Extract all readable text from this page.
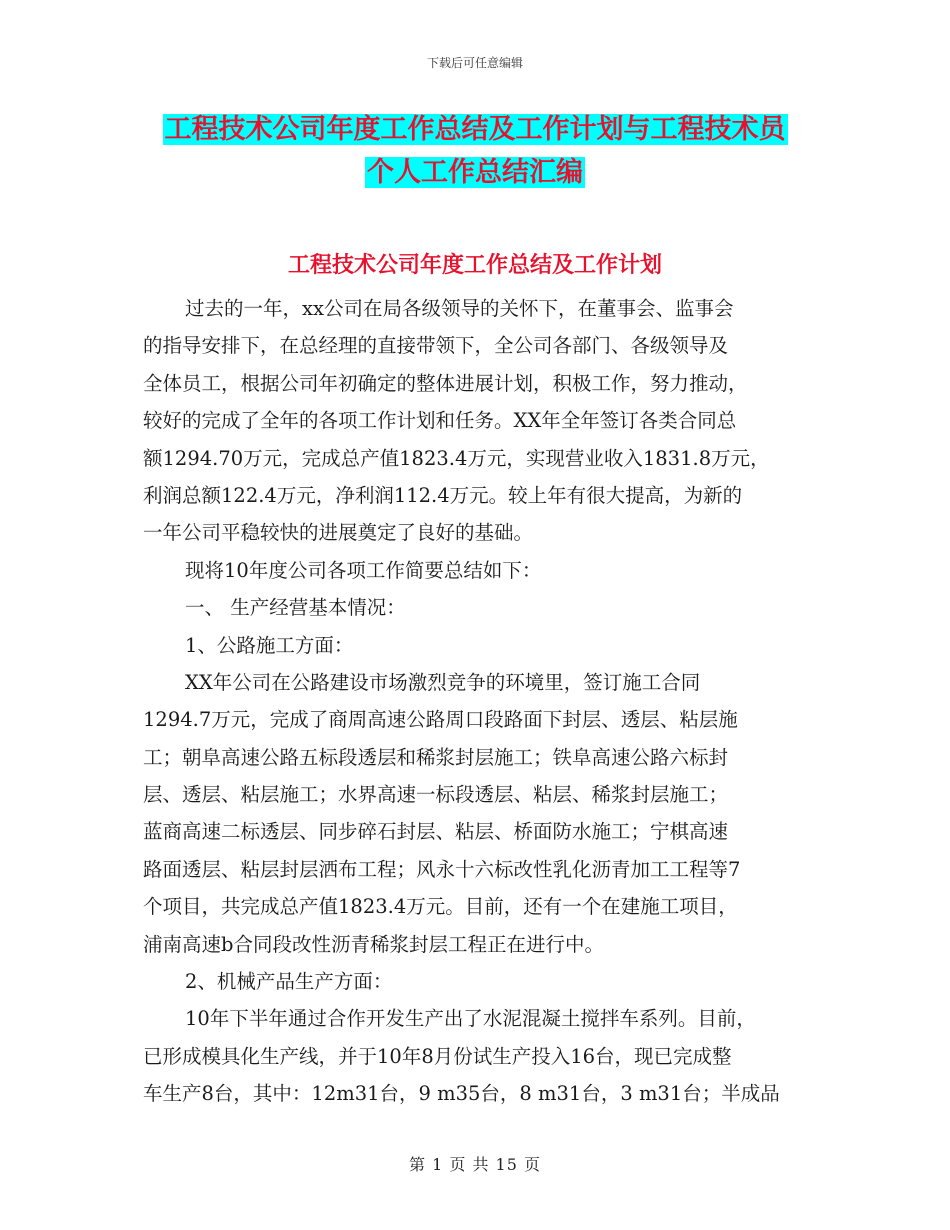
下载后可任意编辑
工程技术公司年度工作总结及工作计划与工程技术员
个人工作总结汇编
工程技术公司年度工作总结及工作计划
过去的一年，xx公司在局各级领导的关怀下，在董事会、监事会
的指导安排下，在总经理的直接带领下，全公司各部门、各级领导及
全体员工，根据公司年初确定的整体进展计划，积极工作，努力推动，
较好的完成了全年的各项工作计划和任务。XX年全年签订各类合同总
额1294.70万元，完成总产值1823.4万元，实现营业收入1831.8万元，
利润总额122.4万元，净利润112.4万元。较上年有很大提高，为新的
一年公司平稳较快的进展奠定了良好的基础。
现将10年度公司各项工作简要总结如下：
一、 生产经营基本情况：
1、公路施工方面：
XX年公司在公路建设市场激烈竞争的环境里，签订施工合同
1294.7万元，完成了商周高速公路周口段路面下封层、透层、粘层施
工；朝阜高速公路五标段透层和稀浆封层施工；铁阜高速公路六标封
层、透层、粘层施工；水界高速一标段透层、粘层、稀浆封层施工；
蓝商高速二标透层、同步碎石封层、粘层、桥面防水施工；宁棋高速
路面透层、粘层封层洒布工程；风永十六标改性乳化沥青加工工程等7
个项目，共完成总产值1823.4万元。目前，还有一个在建施工项目，
浦南高速b合同段改性沥青稀浆封层工程正在进行中。
2、机械产品生产方面：
10年下半年通过合作开发生产出了水泥混凝土搅拌车系列。目前，
已形成模具化生产线，并于10年8月份试生产投入16台，现已完成整
车生产8台，其中：12m31台，9 m35台，8 m31台，3 m31台；半成品
第 1 页 共 15 页
